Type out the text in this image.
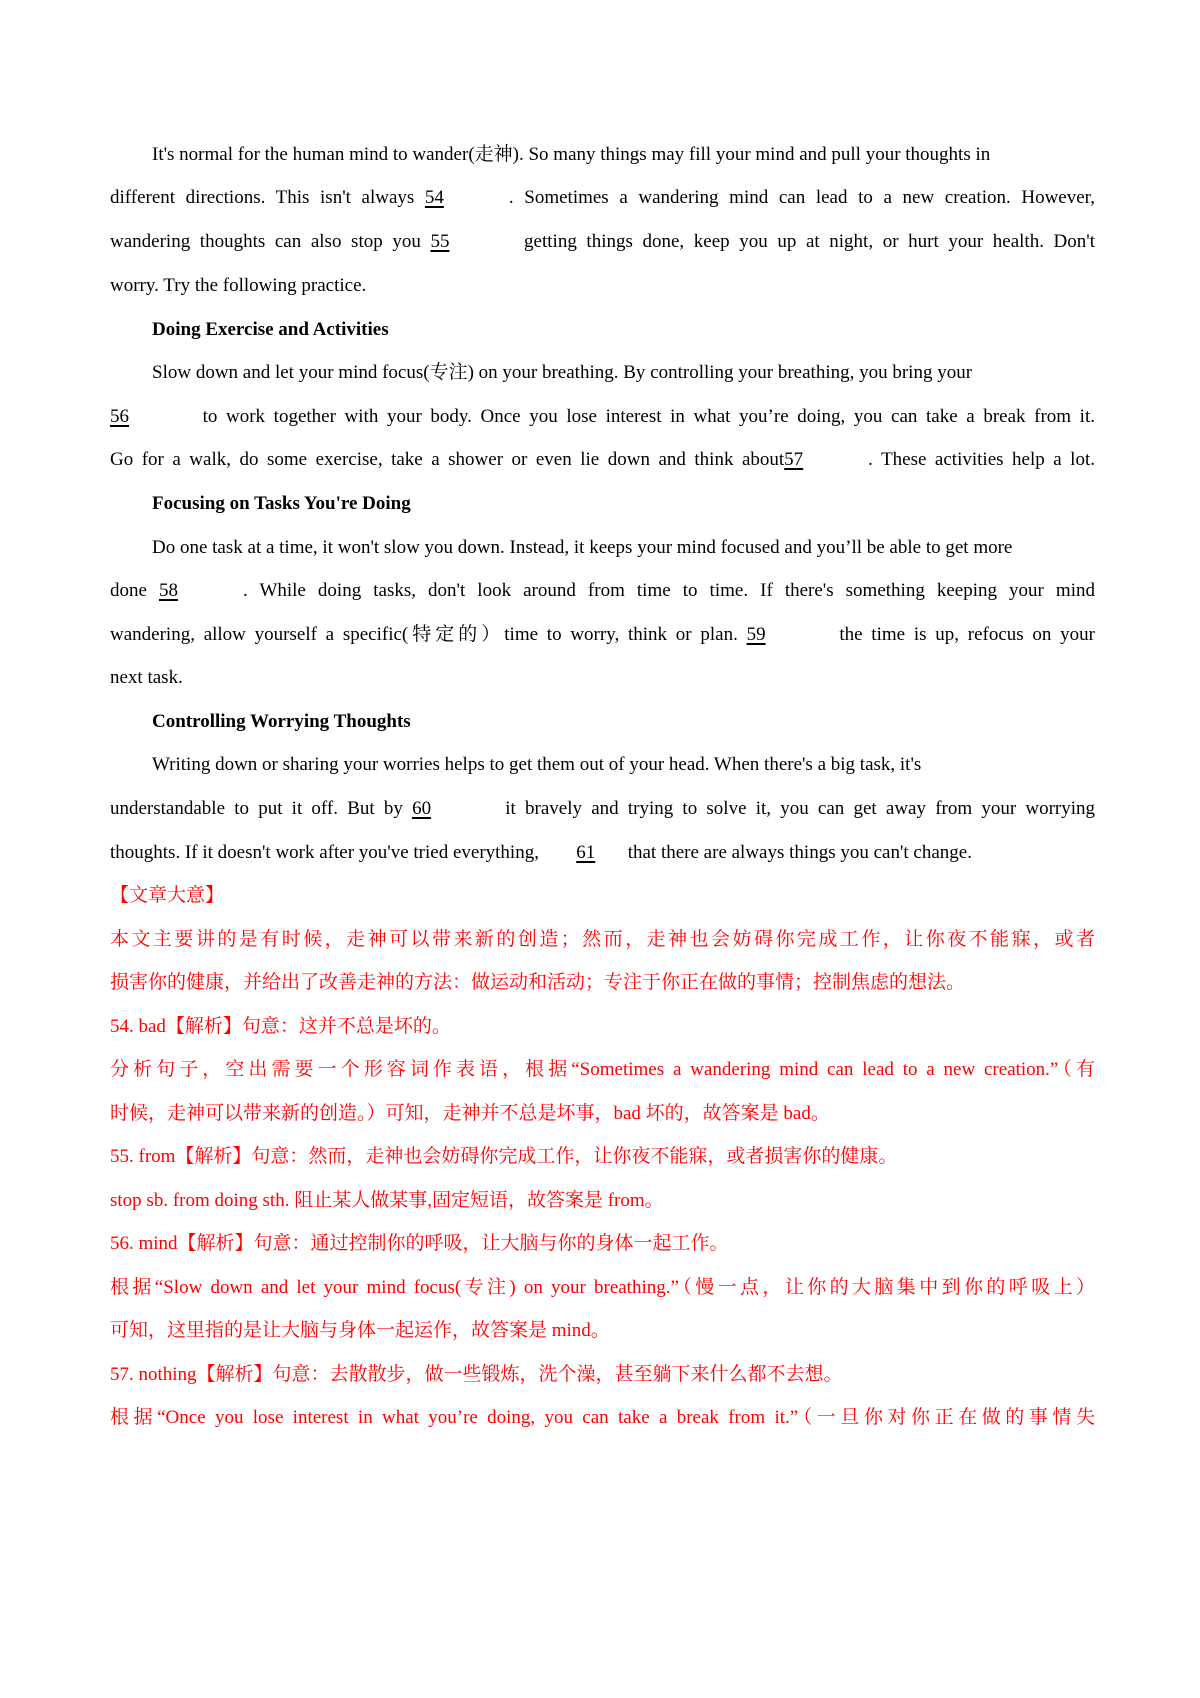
It's normal for the human mind to wander(走神). So many things may fill your mind and pull your thoughts in
different directions. This isn't always 54	. Sometimes a wandering mind can lead to a new creation. However,
wandering thoughts can also stop you 55	getting things done, keep you up at night, or hurt your health. Don't
worry. Try the following practice.
Doing Exercise and Activities
Slow down and let your mind focus(专注) on your breathing. By controlling your breathing, you bring your
56	to work together with your body. Once you lose interest in what you’re doing, you can take a break from it.
Go for a walk, do some exercise, take a shower or even lie down and think about57	. These activities help a lot.
Focusing on Tasks You're Doing
Do one task at a time, it won't slow you down. Instead, it keeps your mind focused and you’ll be able to get more
done 58	. While doing tasks, don't look around from time to time. If there's something keeping your mind
wandering, allow yourself a specific(特定的）time to worry, think or plan. 59	the time is up, refocus on your
next task.
Controlling Worrying Thoughts
Writing down or sharing your worries helps to get them out of your head. When there's a big task, it's
understandable to put it off. But by 60	it bravely and trying to solve it, you can get away from your worrying
thoughts. If it doesn't work after you've tried everything, 61 that there are always things you can't change.
【文章大意】
本文主要讲的是有时候，走神可以带来新的创造；然而，走神也会妨碍你完成工作，让你夜不能寐，或者
损害你的健康，并给出了改善走神的方法：做运动和活动；专注于你正在做的事情；控制焦虑的想法。
54. bad【解析】句意：这并不总是坏的。
分析句子，空出需要一个形容词作表语，根据“Sometimes a wandering mind can lead to a new creation.”（有
时候，走神可以带来新的创造。）可知，走神并不总是坏事，bad 坏的，故答案是 bad。
55. from【解析】句意：然而，走神也会妨碍你完成工作，让你夜不能寐，或者损害你的健康。
stop sb. from doing sth. 阻止某人做某事,固定短语，故答案是 from。
56. mind【解析】句意：通过控制你的呼吸，让大脑与你的身体一起工作。
根据“Slow down and let your mind focus(专注) on your breathing.”（慢一点，让你的大脑集中到你的呼吸上）
可知，这里指的是让大脑与身体一起运作，故答案是 mind。
57. nothing【解析】句意：去散散步，做一些锻炼，洗个澡，甚至躺下来什么都不去想。
根据“Once you lose interest in what you’re doing, you can take a break from it.”（一旦你对你正在做的事情失
